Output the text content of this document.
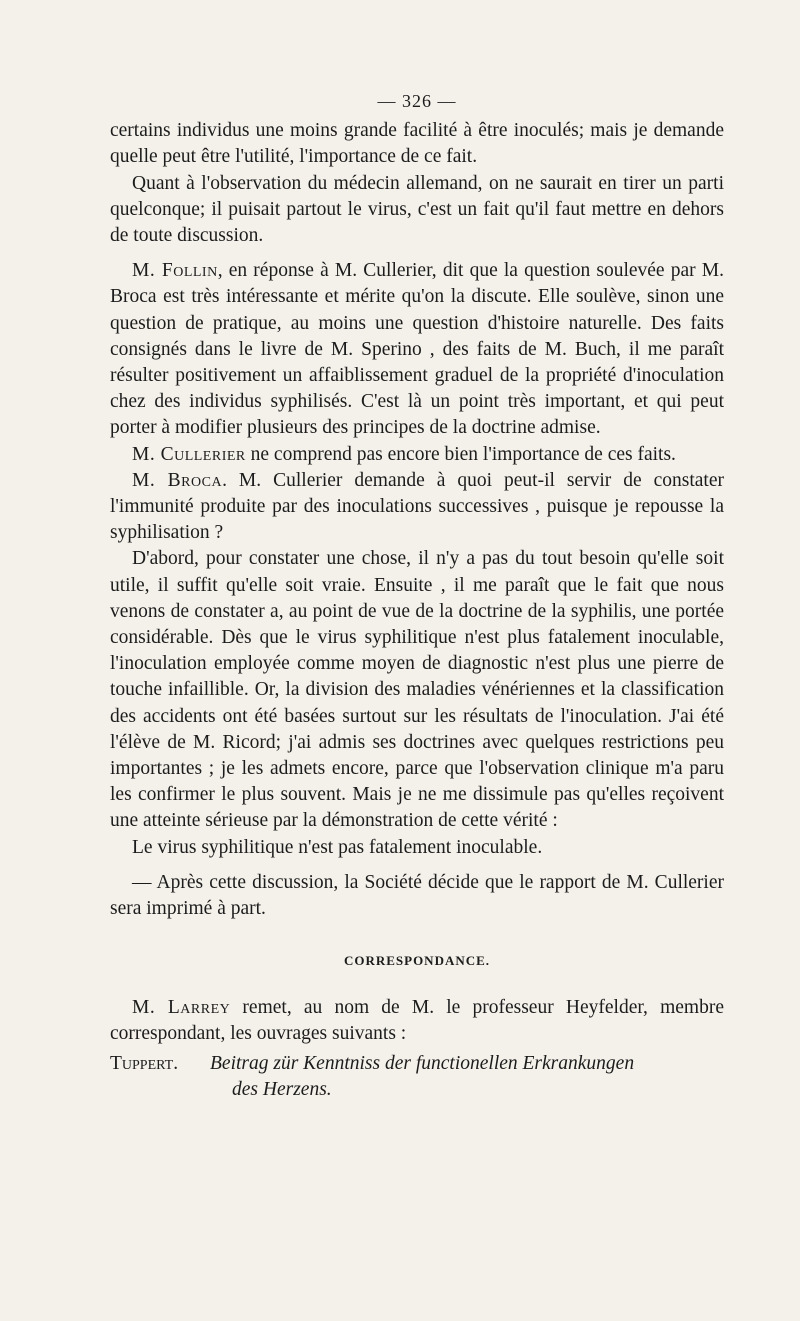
— 326 —

certains individus une moins grande facilité à être inoculés; mais je demande quelle peut être l'utilité, l'importance de ce fait.

Quant à l'observation du médecin allemand, on ne saurait en tirer un parti quelconque; il puisait partout le virus, c'est un fait qu'il faut mettre en dehors de toute discussion.

M. Follin, en réponse à M. Cullerier, dit que la question soulevée par M. Broca est très intéressante et mérite qu'on la discute. Elle soulève, sinon une question de pratique, au moins une question d'histoire naturelle. Des faits consignés dans le livre de M. Sperino , des faits de M. Buch, il me paraît résulter positivement un affaiblissement graduel de la propriété d'inoculation chez des individus syphilisés. C'est là un point très important, et qui peut porter à modifier plusieurs des principes de la doctrine admise.

M. Cullerier ne comprend pas encore bien l'importance de ces faits.

M. Broca. M. Cullerier demande à quoi peut-il servir de constater l'immunité produite par des inoculations successives , puisque je repousse la syphilisation ?

D'abord, pour constater une chose, il n'y a pas du tout besoin qu'elle soit utile, il suffit qu'elle soit vraie. Ensuite , il me paraît que le fait que nous venons de constater a, au point de vue de la doctrine de la syphilis, une portée considérable. Dès que le virus syphilitique n'est plus fatalement inoculable, l'inoculation employée comme moyen de diagnostic n'est plus une pierre de touche infaillible. Or, la division des maladies vénériennes et la classification des accidents ont été basées surtout sur les résultats de l'inoculation. J'ai été l'élève de M. Ricord; j'ai admis ses doctrines avec quelques restrictions peu importantes ; je les admets encore, parce que l'observation clinique m'a paru les confirmer le plus souvent. Mais je ne me dissimule pas qu'elles reçoivent une atteinte sérieuse par la démonstration de cette vérité :

Le virus syphilitique n'est pas fatalement inoculable.

— Après cette discussion, la Société décide que le rapport de M. Cullerier sera imprimé à part.

CORRESPONDANCE.

M. Larrey remet, au nom de M. le professeur Heyfelder, membre correspondant, les ouvrages suivants :

Tuppert.	Beitrag zür Kenntniss der functionellen Erkrankungen
des Herzens.
